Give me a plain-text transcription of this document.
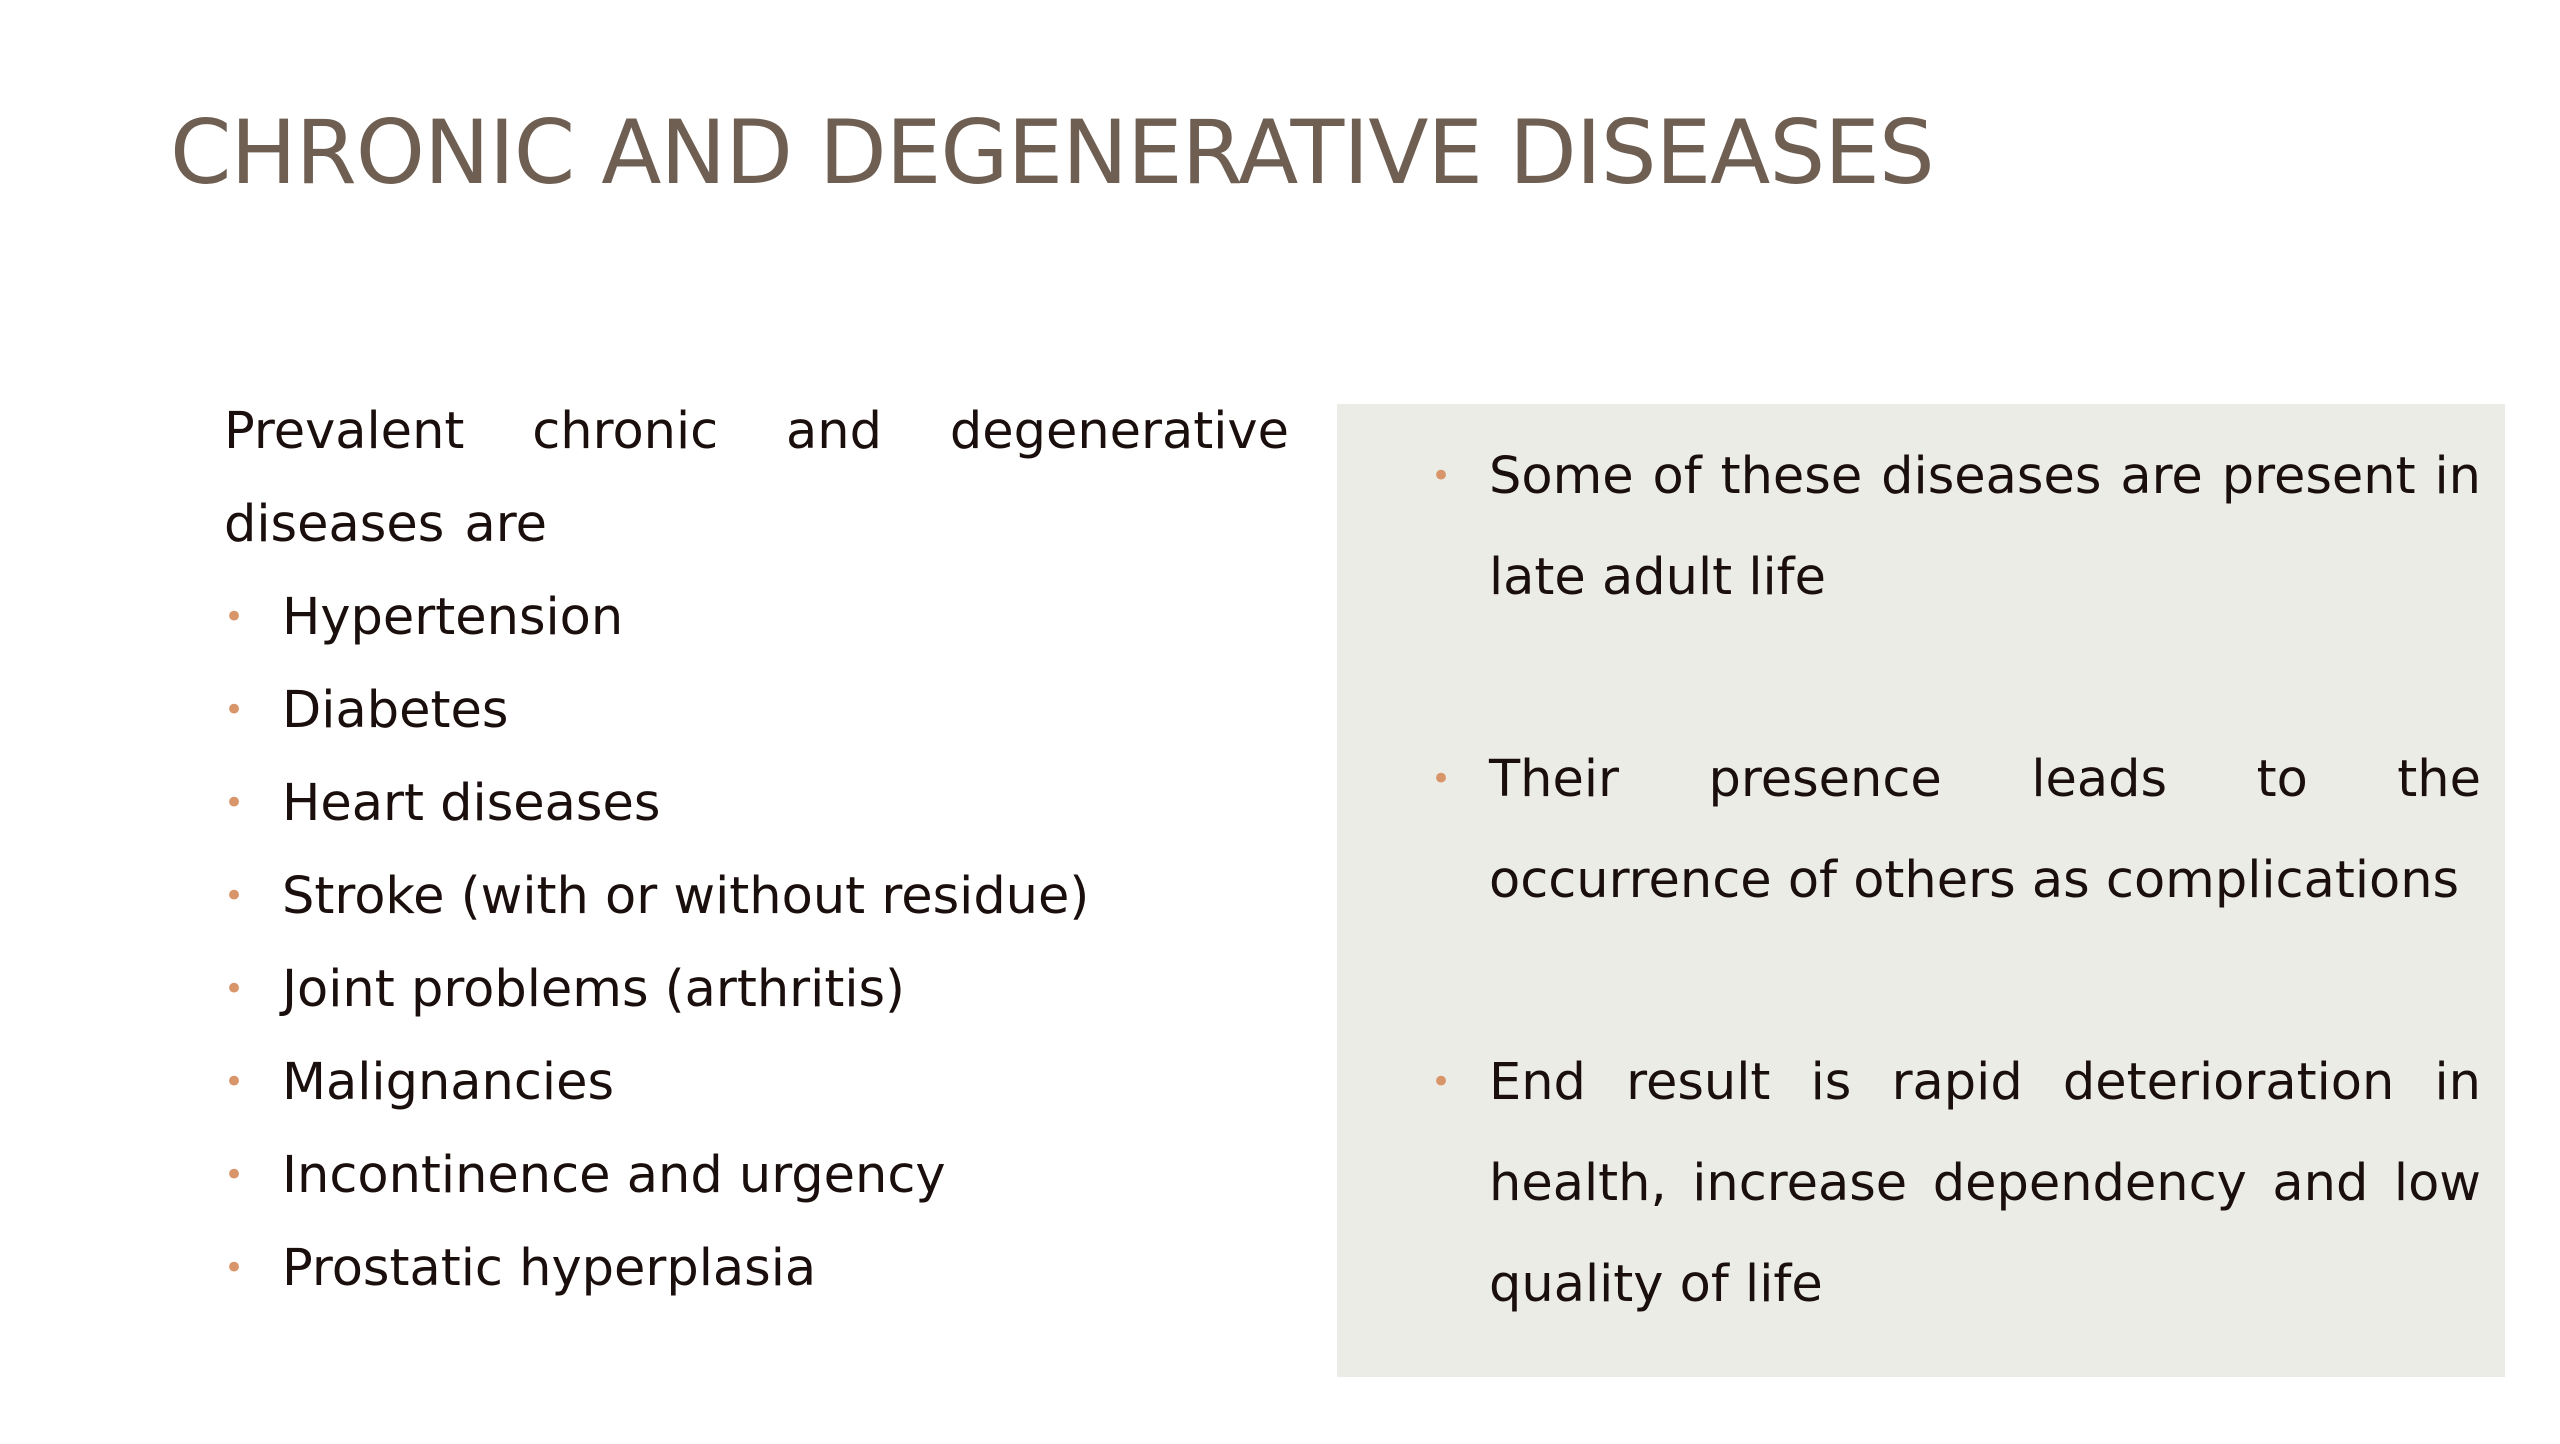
CHRONIC AND DEGENERATIVE DISEASES

Prevalent chronic and degenerative diseases are

• Hypertension
• Diabetes
• Heart diseases
• Stroke (with or without residue)
• Joint problems (arthritis)
• Malignancies
• Incontinence and urgency
• Prostatic hyperplasia
• Some of these diseases are present in late adult life
• Their presence leads to the occurrence of others as complications
• End result is rapid deterioration in health, increase dependency and low quality of life
